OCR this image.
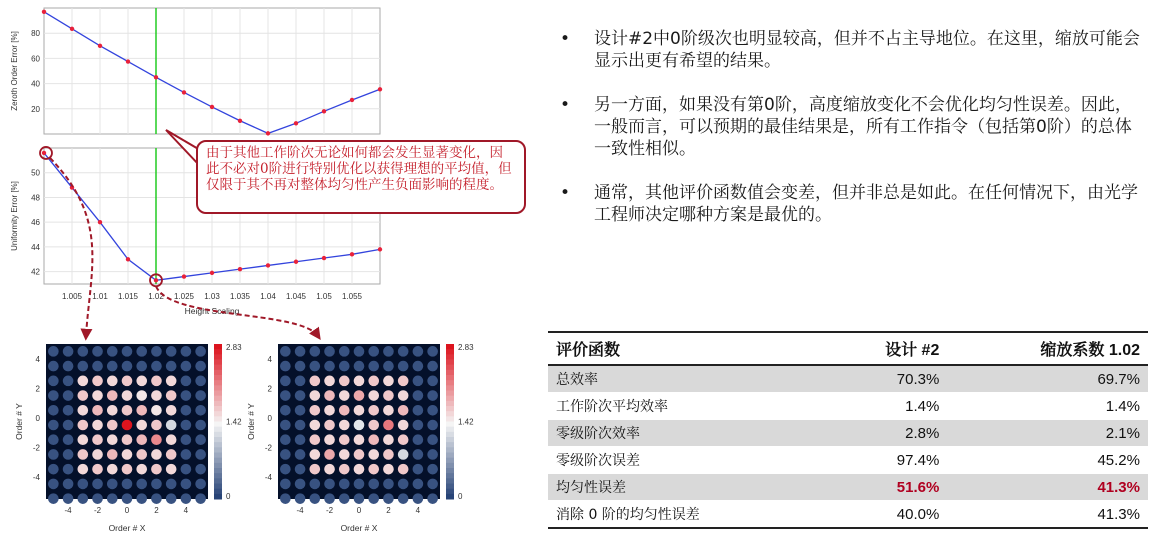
20
40
60
80
Zeroth Order Error [%]
42
44
46
48
50
Uniformity Error [%]
1.005 1.01 1.015 1.02 1.025 1.03 1.035 1.04 1.045 1.05 1.055
Height Scaling
-4
-4
-2
-2
0
0
2
2
4
4
Order # X
Order # Y
2.83
1.42
0
-4
-4
-2
-2
0
0
2
2
4
4
Order # X
Order # Y
2.83
1.42
0
由于其他工作阶次无论如何都会发生显著变化，因此不必对0阶进行特别优化以获得理想的平均值，但仅限于其不再对整体均匀性产生负面影响的程度。
• 设计#2中0阶级次也明显较高，但并不占主导地位。在这里，缩放可能会显示出更有希望的结果。
• 另一方面，如果没有第0阶，高度缩放变化不会优化均匀性误差。因此，一般而言，可以预期的最佳结果是，所有工作指令（包括第0阶）的总体一致性相似。
• 通常，其他评价函数值会变差，但并非总是如此。在任何情况下，由光学工程师决定哪种方案是最优的。
评价函数	设计 #2	缩放系数 1.02
总效率	70.3%	69.7%
工作阶次平均效率	1.4%	1.4%
零级阶次效率	2.8%	2.1%
零级阶次误差	97.4%	45.2%
均匀性误差	51.6%	41.3%
消除 0 阶的均匀性误差	40.0%	41.3%
